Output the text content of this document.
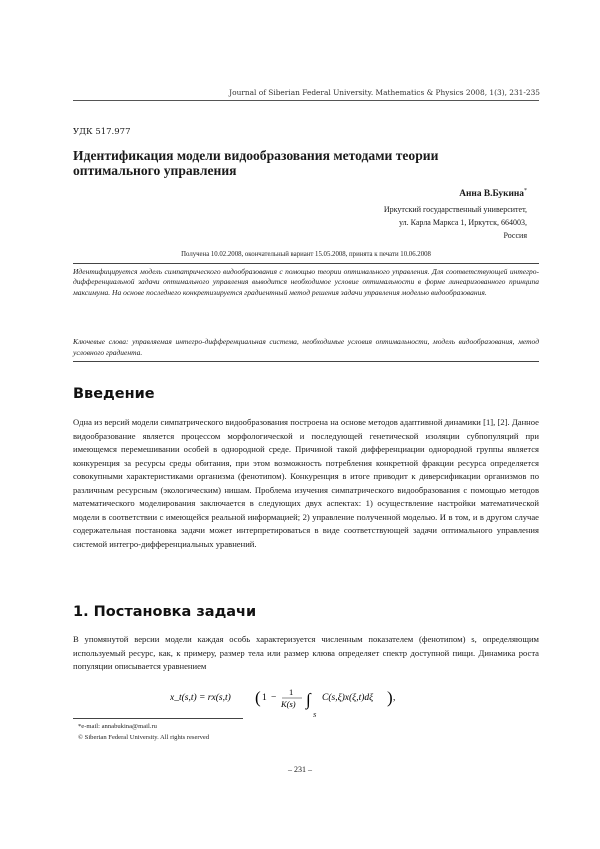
Journal of Siberian Federal University. Mathematics & Physics 2008, 1(3), 231-235
УДК 517.977
Идентификация модели видообразования методами теории оптимального управления
Анна В.Букина*
Иркутский государственный университет,
ул. Карла Маркса 1, Иркутск, 664003,
Россия
Получена 10.02.2008, окончательный вариант 15.05.2008, принята к печати 10.06.2008

Идентифицируется модель симпатрического видообразования с помощью теории оптимального управления. Для соответствующей интегро-дифференциальной задачи оптимального управления выводится необходимое условие оптимальности в форме линеаризованного принципа максимума. На основе последнего конкретизируется градиентный метод решения задачи управления моделью видообразования.

Ключевые слова: управляемая интегро-дифференциальная система, необходимые условия оптимальности, модель видообразования, метод условного градиента.

Введение

Одна из версий модели симпатрического видообразования построена на основе методов адаптивной динамики [1], [2]. Данное видообразование является процессом морфологической и последующей генетической изоляции субпопуляций при имеющемся перемешивании особей в однородной среде. Причиной такой дифференциации однородной группы является конкуренция за ресурсы среды обитания, при этом возможность потребления конкретной фракции ресурса определяется совокупными характеристиками организма (фенотипом). Конкуренция в итоге приводит к диверсификации организмов по различным ресурсным (экологическим) нишам. Проблема изучения симпатрического видообразования с помощью методов математического моделирования заключается в следующих двух аспектах: 1) осуществление настройки математической модели в соответствии с имеющейся реальной информацией; 2) управление полученной моделью. И в том, и в другом случае содержательная постановка задачи может интерпретироваться в виде соответствующей задачи оптимального управления системой интегро-дифференциальных уравнений.

1. Постановка задачи

В упомянутой версии модели каждая особь характеризуется численным показателем (фенотипом) s, определяющим используемый ресурс, как, к примеру, размер тела или размер клюва определяет спектр доступной пищи. Динамика роста популяции описывается уравнением

x_t(s,t) = rx(s,t) ( 1 −
1
K(s) ∫
S
C(s,ξ)x(ξ,t)dξ ) ,
*e-mail: annabukina@mail.ru
© Siberian Federal University. All rights reserved
– 231 –
